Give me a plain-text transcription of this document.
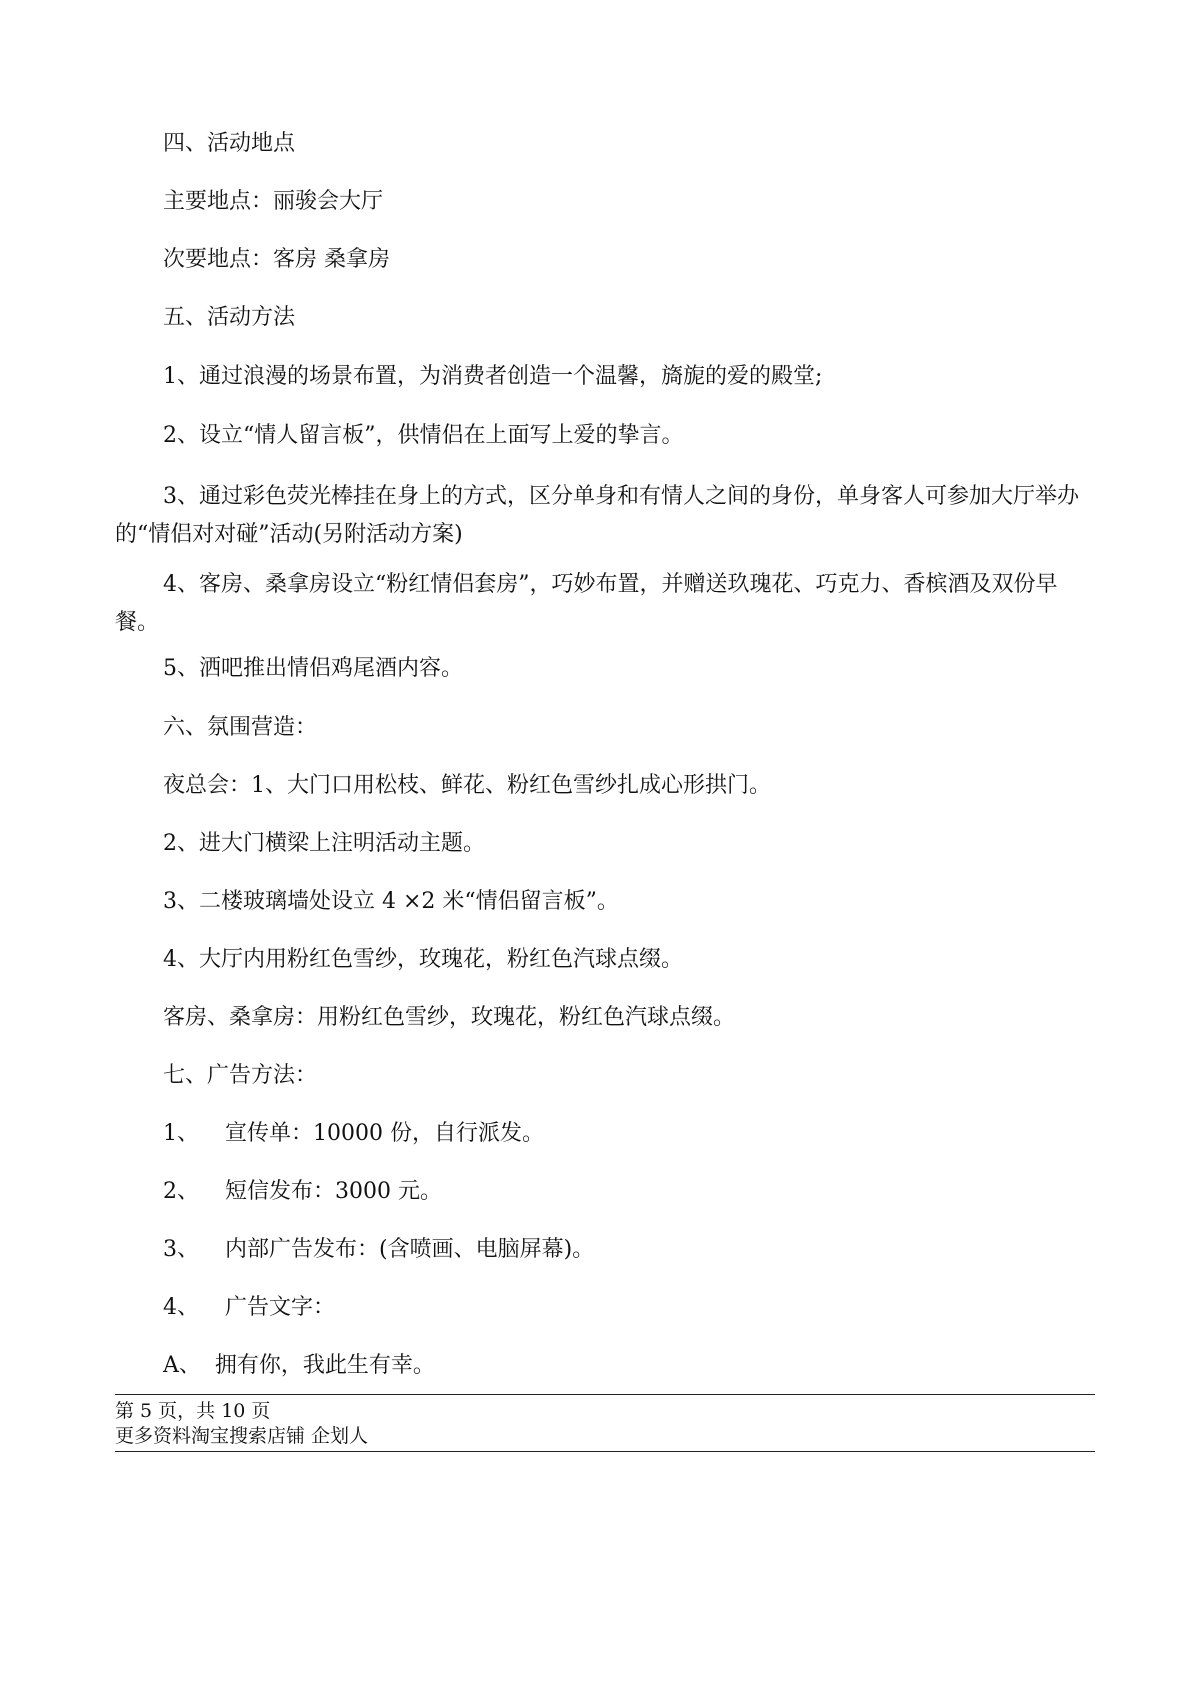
四、活动地点
主要地点：丽骏会大厅
次要地点：客房 桑拿房
五、活动方法
1、通过浪漫的场景布置，为消费者创造一个温馨，旖旎的爱的殿堂;
2、设立“情人留言板”，供情侣在上面写上爱的挚言。
3、通过彩色荧光棒挂在身上的方式，区分单身和有情人之间的身份，单身客人可参加大厅举办的“情侣对对碰”活动(另附活动方案)
4、客房、桑拿房设立“粉红情侣套房”，巧妙布置，并赠送玖瑰花、巧克力、香槟酒及双份早餐。
5、洒吧推出情侣鸡尾酒内容。
六、氛围营造：
夜总会：1、大门口用松枝、鲜花、粉红色雪纱扎成心形拱门。
2、进大门横梁上注明活动主题。
3、二楼玻璃墙处设立 4 ×2 米“情侣留言板”。
4、大厅内用粉红色雪纱，玫瑰花，粉红色汽球点缀。
客房、桑拿房：用粉红色雪纱，玫瑰花，粉红色汽球点缀。
七、广告方法：
1、 宣传单：10000 份，自行派发。
2、 短信发布：3000 元。
3、 内部广告发布：(含喷画、电脑屏幕)。
4、 广告文字：
A、 拥有你，我此生有幸。
第 5 页，共 10 页
更多资料淘宝搜索店铺 企划人
